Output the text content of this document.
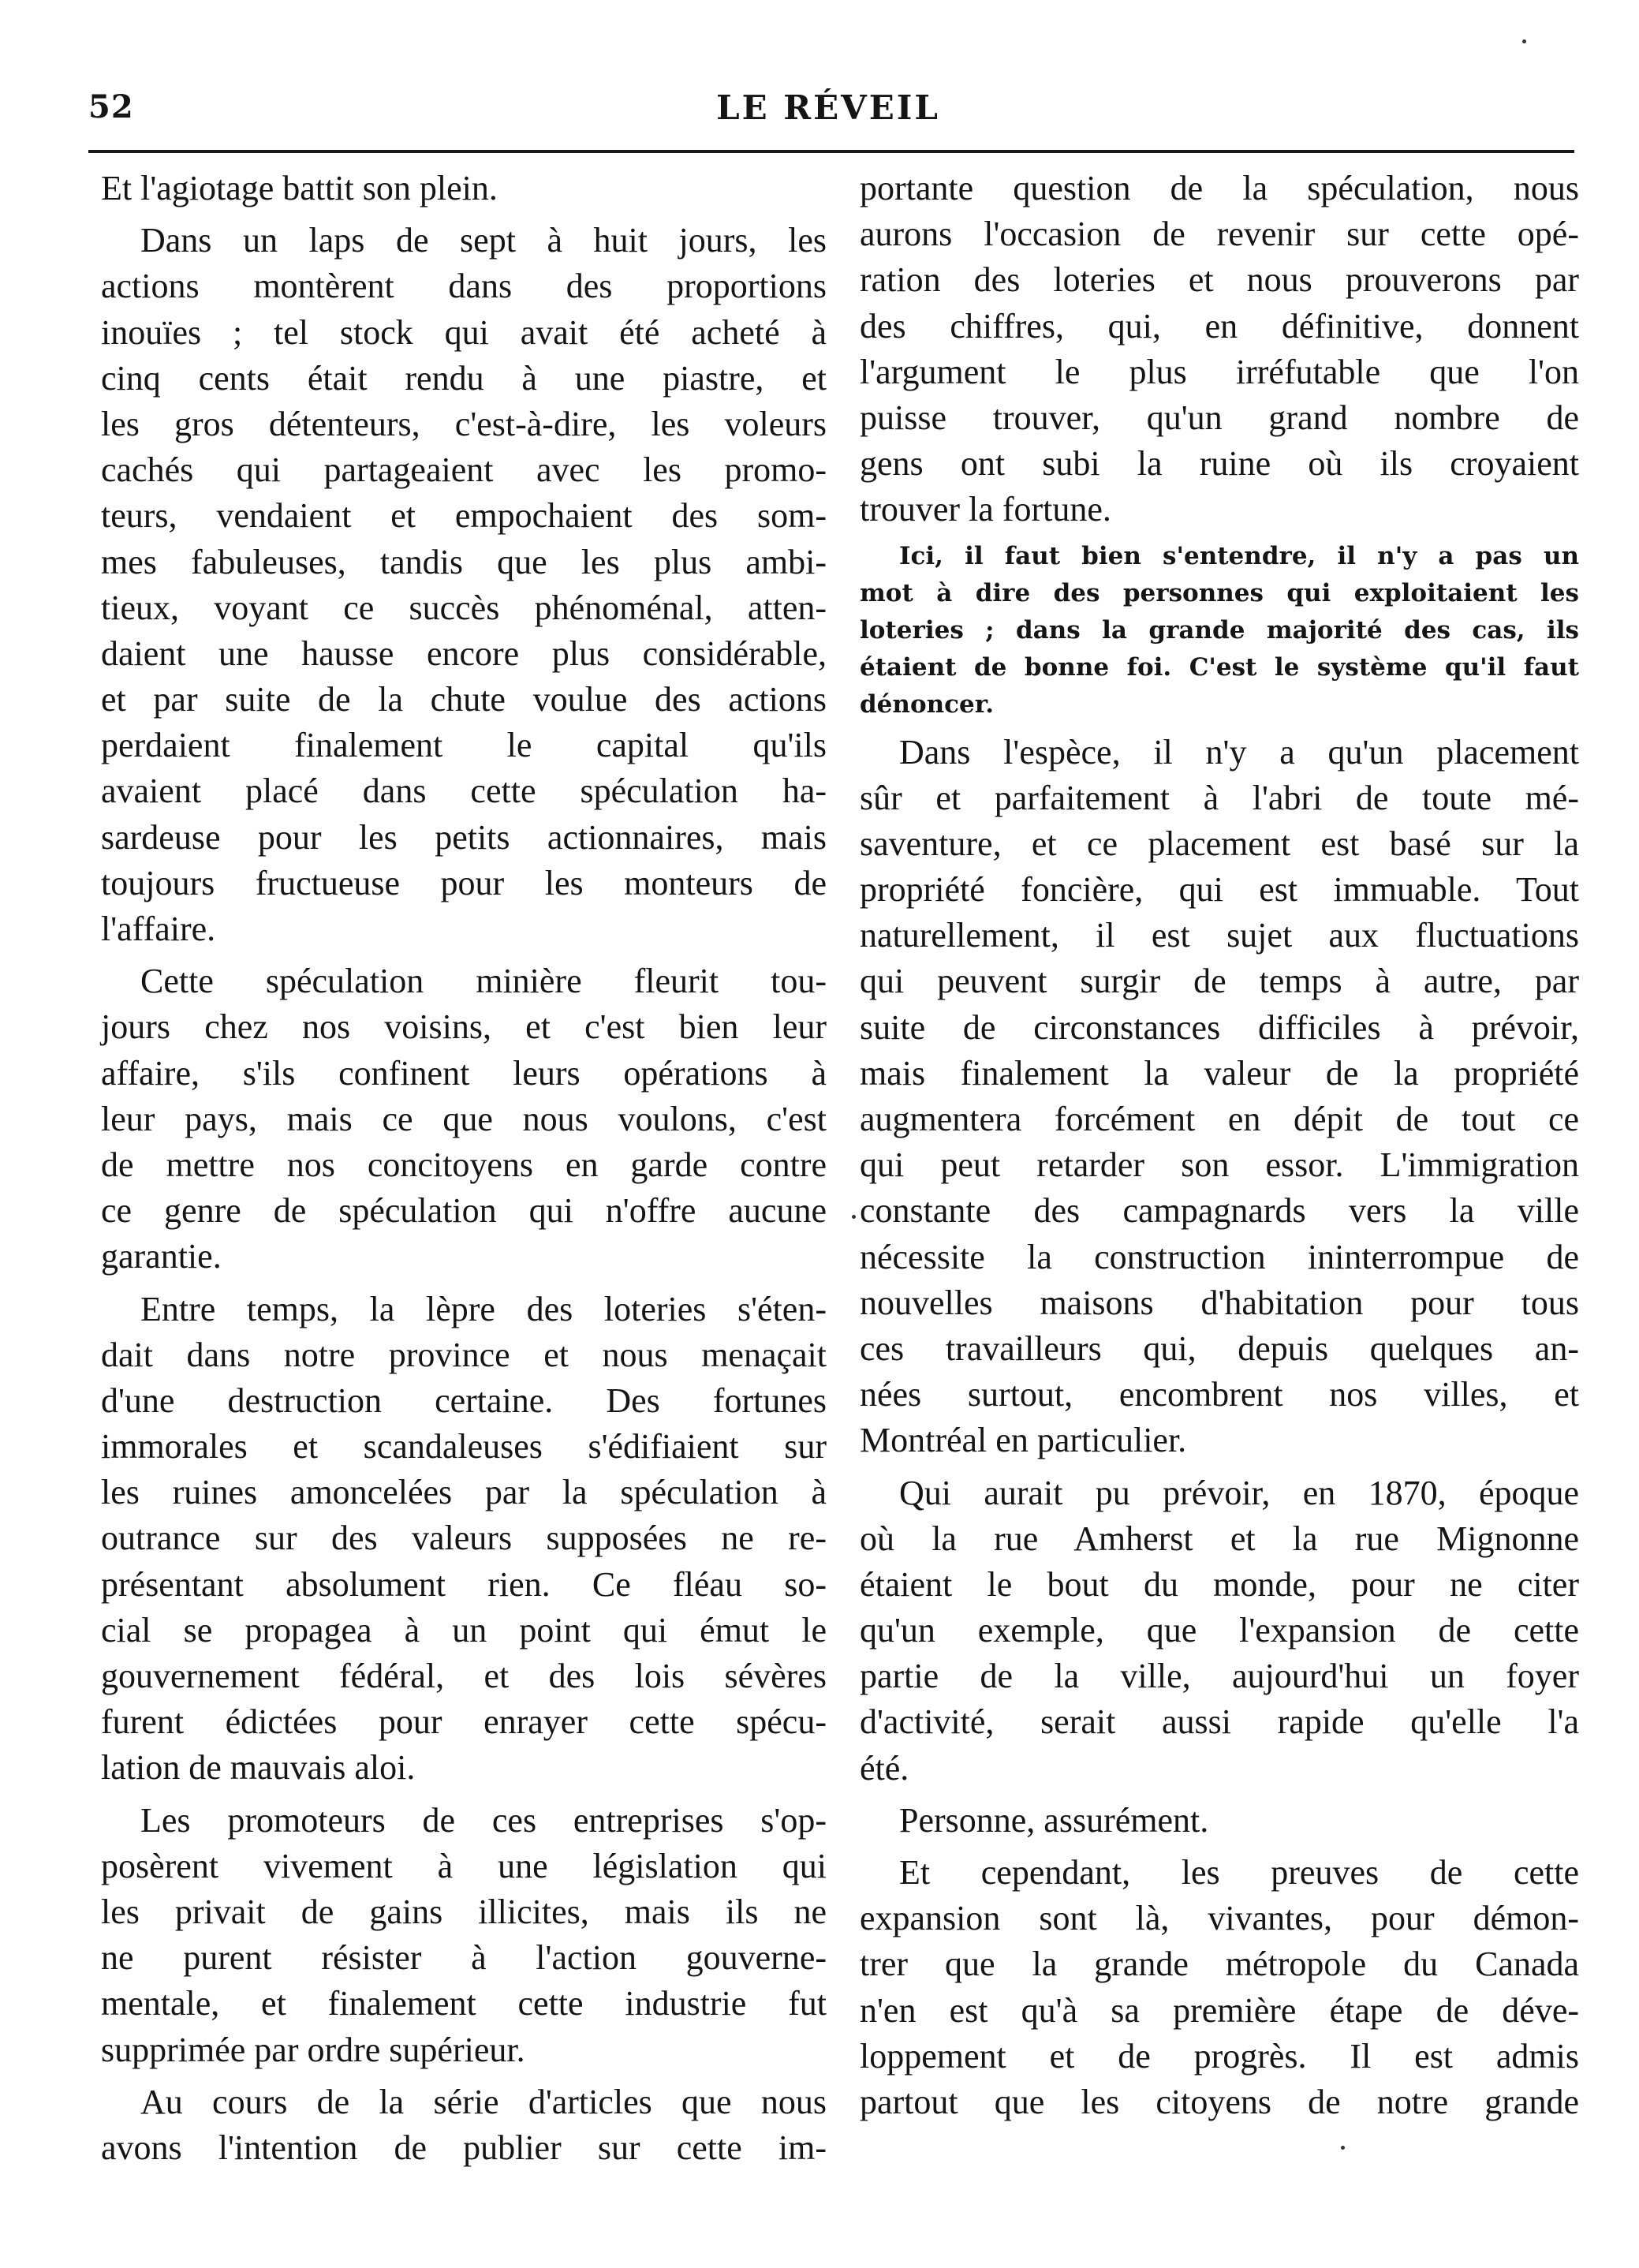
52	LE RÉVEIL
Et l'agiotage battit son plein.
Dans un laps de sept à huit jours, les
actions montèrent dans des proportions
inouïes ; tel stock qui avait été acheté à
cinq cents était rendu à une piastre, et
les gros détenteurs, c'est-à-dire, les voleurs
cachés qui partageaient avec les promo-
teurs, vendaient et empochaient des som-
mes fabuleuses, tandis que les plus ambi-
tieux, voyant ce succès phénoménal, atten-
daient une hausse encore plus considérable,
et par suite de la chute voulue des actions
perdaient finalement le capital qu'ils
avaient placé dans cette spéculation ha-
sardeuse pour les petits actionnaires, mais
toujours fructueuse pour les monteurs de
l'affaire.
Cette spéculation minière fleurit tou-
jours chez nos voisins, et c'est bien leur
affaire, s'ils confinent leurs opérations à
leur pays, mais ce que nous voulons, c'est
de mettre nos concitoyens en garde contre
ce genre de spéculation qui n'offre aucune
garantie.
Entre temps, la lèpre des loteries s'éten-
dait dans notre province et nous menaçait
d'une destruction certaine. Des fortunes
immorales et scandaleuses s'édifiaient sur
les ruines amoncelées par la spéculation à
outrance sur des valeurs supposées ne re-
présentant absolument rien. Ce fléau so-
cial se propagea à un point qui émut le
gouvernement fédéral, et des lois sévères
furent édictées pour enrayer cette spécu-
lation de mauvais aloi.
Les promoteurs de ces entreprises s'op-
posèrent vivement à une législation qui
les privait de gains illicites, mais ils ne
ne purent résister à l'action gouverne-
mentale, et finalement cette industrie fut
supprimée par ordre supérieur.
Au cours de la série d'articles que nous
avons l'intention de publier sur cette im-
portante question de la spéculation, nous
aurons l'occasion de revenir sur cette opé-
ration des loteries et nous prouverons par
des chiffres, qui, en définitive, donnent
l'argument le plus irréfutable que l'on
puisse trouver, qu'un grand nombre de
gens ont subi la ruine où ils croyaient
trouver la fortune.
Ici, il faut bien s'entendre, il n'y a pas un
mot à dire des personnes qui exploitaient les
loteries ; dans la grande majorité des cas, ils
étaient de bonne foi. C'est le système qu'il faut
dénoncer.
Dans l'espèce, il n'y a qu'un placement
sûr et parfaitement à l'abri de toute mé-
saventure, et ce placement est basé sur la
propriété foncière, qui est immuable. Tout
naturellement, il est sujet aux fluctuations
qui peuvent surgir de temps à autre, par
suite de circonstances difficiles à prévoir,
mais finalement la valeur de la propriété
augmentera forcément en dépit de tout ce
qui peut retarder son essor. L'immigration
constante des campagnards vers la ville
nécessite la construction ininterrompue de
nouvelles maisons d'habitation pour tous
ces travailleurs qui, depuis quelques an-
nées surtout, encombrent nos villes, et
Montréal en particulier.
Qui aurait pu prévoir, en 1870, époque
où la rue Amherst et la rue Mignonne
étaient le bout du monde, pour ne citer
qu'un exemple, que l'expansion de cette
partie de la ville, aujourd'hui un foyer
d'activité, serait aussi rapide qu'elle l'a
été.
Personne, assurément.
Et cependant, les preuves de cette
expansion sont là, vivantes, pour démon-
trer que la grande métropole du Canada
n'en est qu'à sa première étape de déve-
loppement et de progrès. Il est admis
partout que les citoyens de notre grande
